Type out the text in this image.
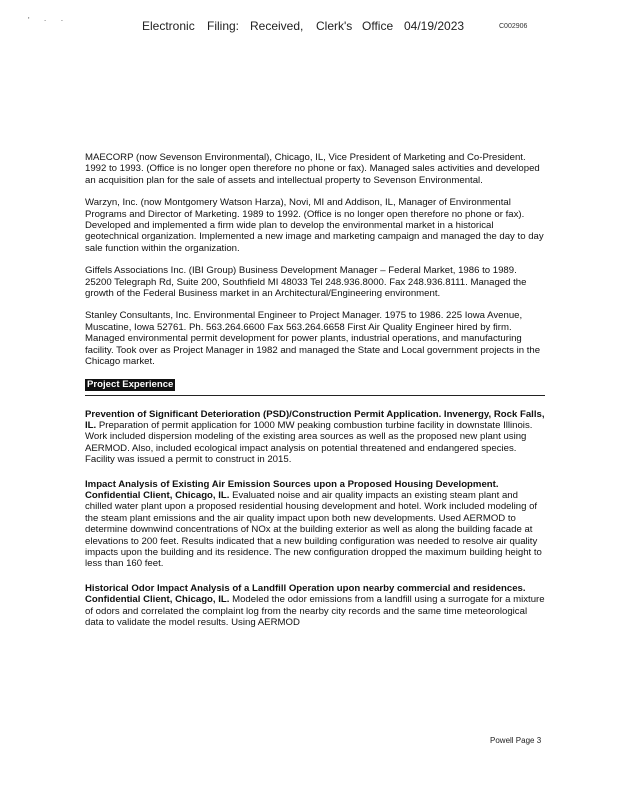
' · ·	Electronic Filing: Received, Clerk's Office 04/19/2023	C002906

MAECORP (now Sevenson Environmental), Chicago, IL, Vice President of Marketing and Co-President. 1992 to 1993. (Office is no longer open therefore no phone or fax). Managed sales activities and developed an acquisition plan for the sale of assets and intellectual property to Sevenson Environmental.

Warzyn, Inc. (now Montgomery Watson Harza), Novi, MI and Addison, IL, Manager of Environmental Programs and Director of Marketing. 1989 to 1992. (Office is no longer open therefore no phone or fax). Developed and implemented a firm wide plan to develop the environmental market in a historical geotechnical organization. Implemented a new image and marketing campaign and managed the day to day sale function within the organization.

Giffels Associations Inc. (IBI Group) Business Development Manager – Federal Market, 1986 to 1989. 25200 Telegraph Rd, Suite 200, Southfield MI 48033 Tel 248.936.8000. Fax 248.936.8111. Managed the growth of the Federal Business market in an Architectural/Engineering environment.

Stanley Consultants, Inc. Environmental Engineer to Project Manager. 1975 to 1986. 225 Iowa Avenue, Muscatine, Iowa 52761. Ph. 563.264.6600 Fax 563.264.6658 First Air Quality Engineer hired by firm. Managed environmental permit development for power plants, industrial operations, and manufacturing facility. Took over as Project Manager in 1982 and managed the State and Local government projects in the Chicago market.

Project Experience

Prevention of Significant Deterioration (PSD)/Construction Permit Application. Invenergy, Rock Falls, IL. Preparation of permit application for 1000 MW peaking combustion turbine facility in downstate Illinois. Work included dispersion modeling of the existing area sources as well as the proposed new plant using AERMOD. Also, included ecological impact analysis on potential threatened and endangered species. Facility was issued a permit to construct in 2015.

Impact Analysis of Existing Air Emission Sources upon a Proposed Housing Development. Confidential Client, Chicago, IL. Evaluated noise and air quality impacts an existing steam plant and chilled water plant upon a proposed residential housing development and hotel. Work included modeling of the steam plant emissions and the air quality impact upon both new developments. Used AERMOD to determine downwind concentrations of NOx at the building exterior as well as along the building facade at elevations to 200 feet. Results indicated that a new building configuration was needed to resolve air quality impacts upon the building and its residence. The new configuration dropped the maximum building height to less than 160 feet.

Historical Odor Impact Analysis of a Landfill Operation upon nearby commercial and residences. Confidential Client, Chicago, IL. Modeled the odor emissions from a landfill using a surrogate for a mixture of odors and correlated the complaint log from the nearby city records and the same time meteorological data to validate the model results. Using AERMOD

Powell Page 3
